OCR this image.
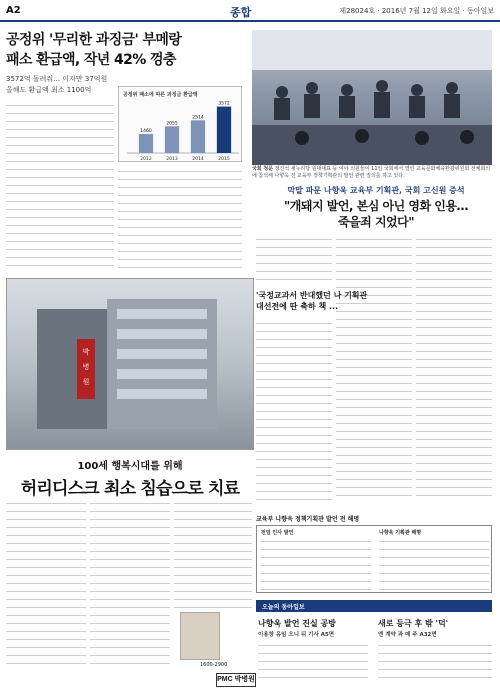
A2	종합	제28024호 · 2016년 7월 12일 화요일 · 동아일보
공정위 '무리한 과징금' 부메랑
패소 환급액, 작년 42% 껑충
3572억 돌려줘… 이자만 37억원
올해도 환급액 최소 1100억
공정위 패소에 따른 과징금 환급액
1460
2012
2055
2013
2514
2014
3572
2015
국회 청문 정진석 새누리당 원내대표 등 여야 의원들이 11일 국회에서 열린 교육문화체육관광위원회 전체회의에 참석해 나향욱 전 교육부 정책기획관의 발언 관련 질의를 하고 있다.
막말 파문 나향욱 교육부 기획관, 국회 고신원 증석
"개돼지 발언, 본심 아닌 영화 인용…
죽을죄 지었다"
'국정교과서 반대했던 나 기획관 대선전에 딴 축하 책 ...
박
병
원
100세 행복시대를 위해
허리디스크 최소 침습으로 치료
교육부 나향욱 정책기획관 발언 전 해명
전임 인사 발언	나향욱 기획관 해명
오늘의 동아일보
나향욱 발언 진실 공방
이용창 유임 오니 뒤 기사 A5면
새로 등극 후 밖 '덕'
엔 계약 과 매 주 A32면
PMC 박병원
1600-2900
